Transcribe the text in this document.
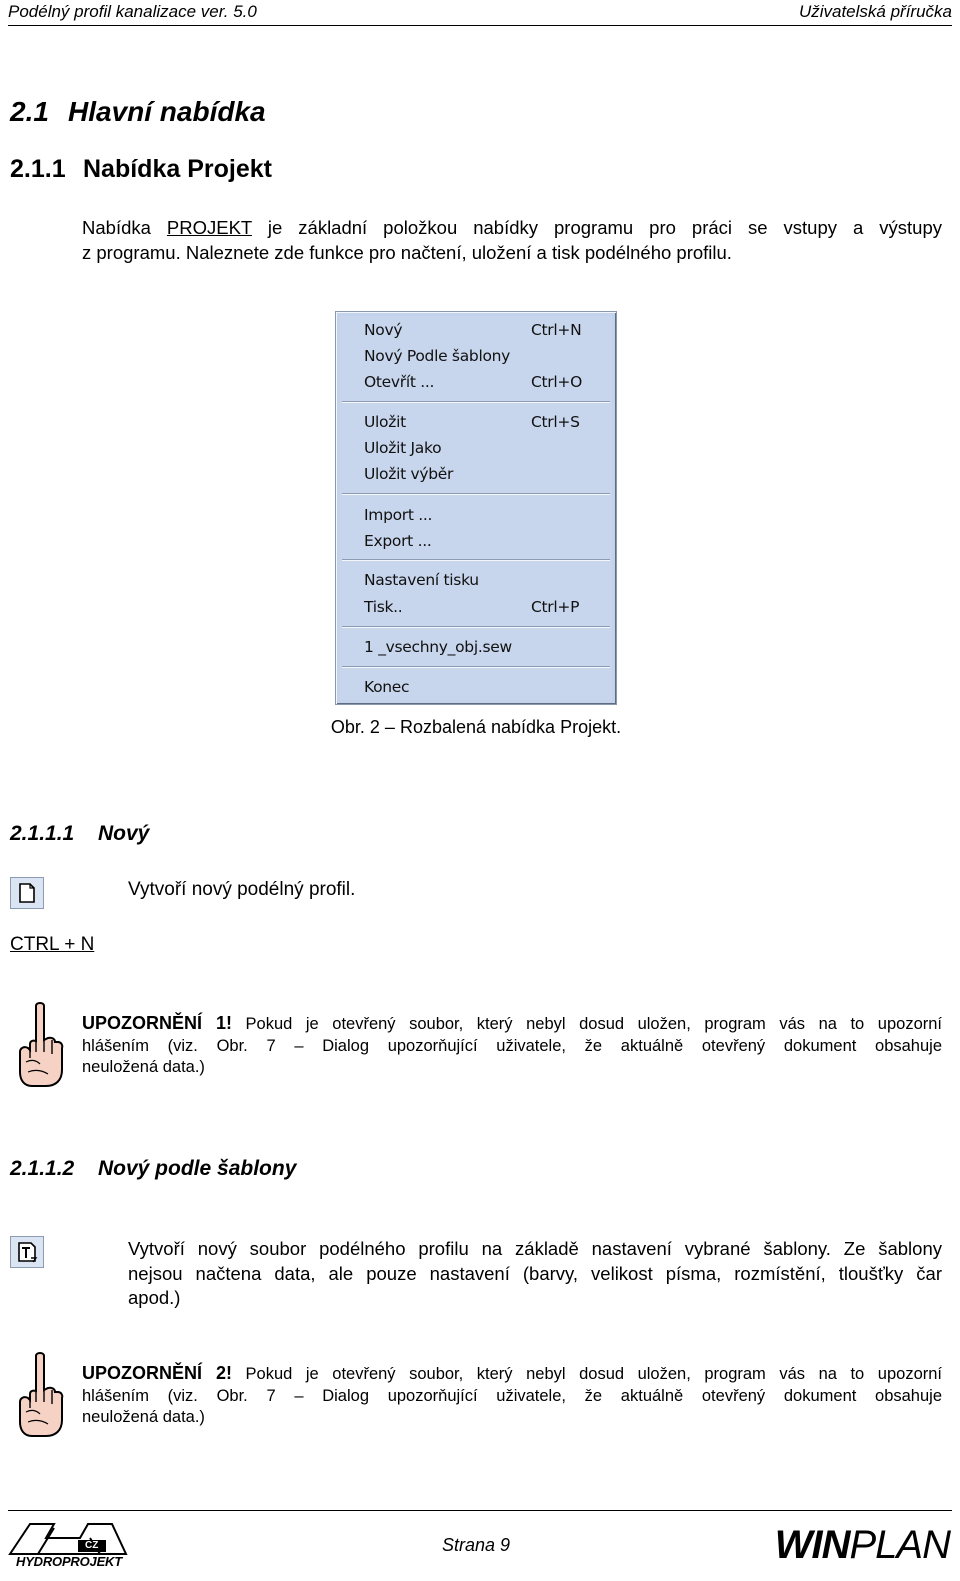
Podélný profil kanalizace ver. 5.0	Uživatelská příručka
2.1 Hlavní nabídka
2.1.1 Nabídka Projekt
Nabídka PROJEKT je základní položkou nabídky programu pro práci se vstupy a výstupy
z programu. Naleznete zde funkce pro načtení, uložení a tisk podélného profilu.
Nový	Ctrl+N
Nový Podle šablony
Otevřít ...	Ctrl+O
Uložit	Ctrl+S
Uložit Jako
Uložit výběr
Import ...
Export ...
Nastavení tisku
Tisk..	Ctrl+P
1 _vsechny_obj.sew
Konec
Obr. 2 – Rozbalená nabídka Projekt.
2.1.1.1 Nový
Vytvoří nový podélný profil.
CTRL + N
UPOZORNĚNÍ 1! Pokud je otevřený soubor, který nebyl dosud uložen, program vás na to upozorní
hlášením (viz. Obr. 7 – Dialog upozorňující uživatele, že aktuálně otevřený dokument obsahuje
neuložená data.)
2.1.1.2 Nový podle šablony
Vytvoří nový soubor podélného profilu na základě nastavení vybrané šablony. Ze šablony
nejsou načtena data, ale pouze nastavení (barvy, velikost písma, rozmístění, tloušťky čar
apod.)
UPOZORNĚNÍ 2! Pokud je otevřený soubor, který nebyl dosud uložen, program vás na to upozorní
hlášením (viz. Obr. 7 – Dialog upozorňující uživatele, že aktuálně otevřený dokument obsahuje
neuložená data.)
CZ
HYDROPROJEKT
Strana 9	WINPLAN
